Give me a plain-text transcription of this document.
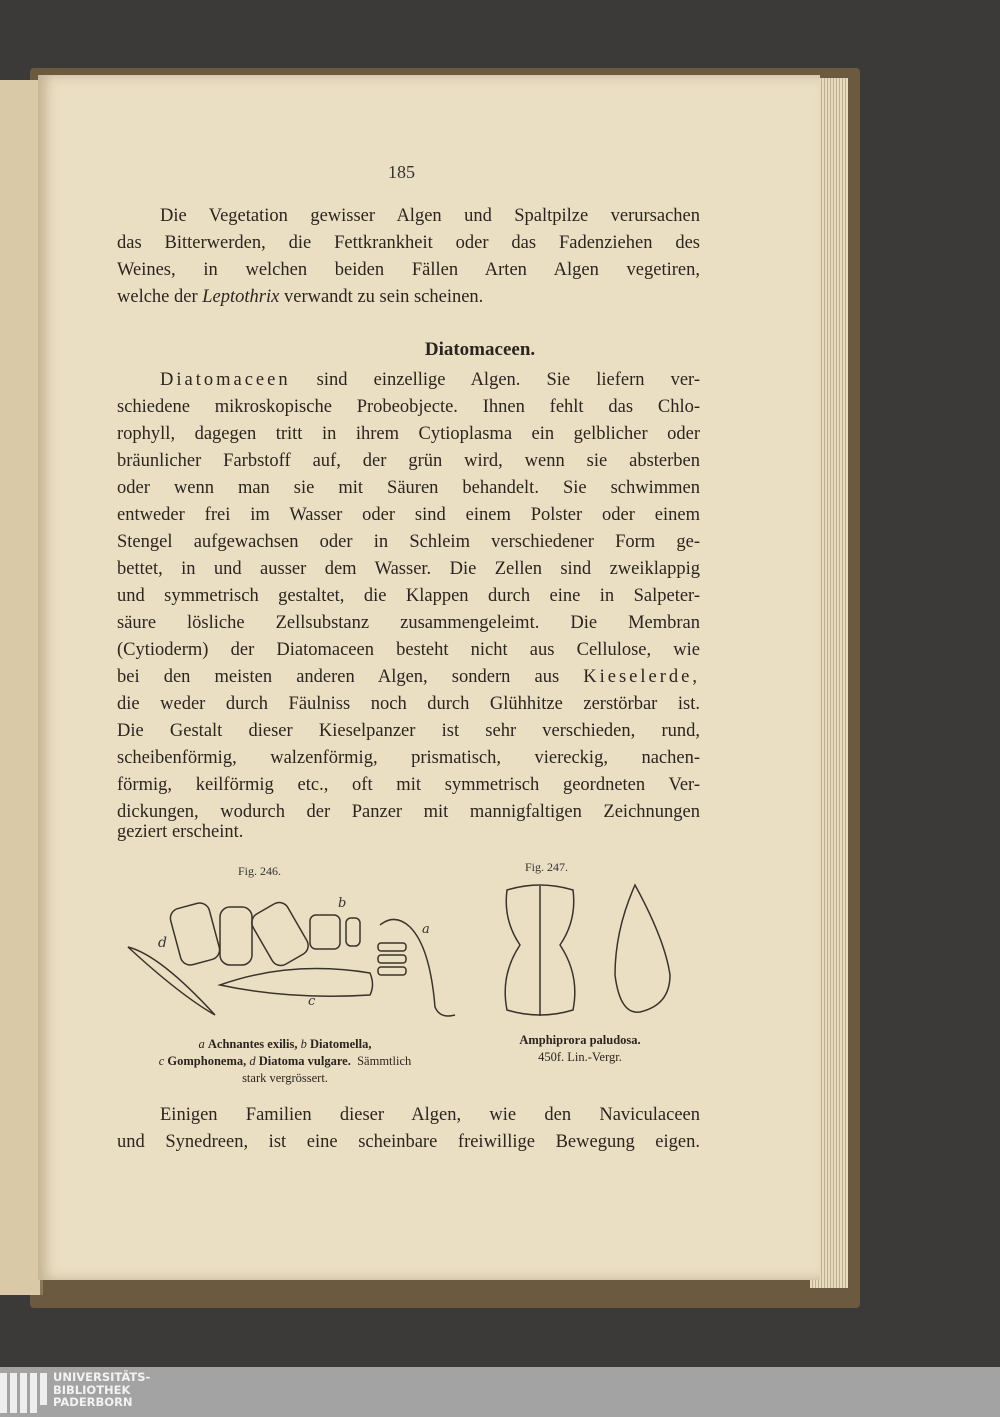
185
Die Vegetation gewisser Algen und Spaltpilze verursachen
das Bitterwerden, die Fettkrankheit oder das Fadenziehen des
Weines, in welchen beiden Fällen Arten Algen vegetiren,
welche der Leptothrix verwandt zu sein scheinen.
Diatomaceen.
Diatomaceen sind einzellige Algen. Sie liefern ver-
schiedene mikroskopische Probeobjecte. Ihnen fehlt das Chlo-
rophyll, dagegen tritt in ihrem Cytioplasma ein gelblicher oder
bräunlicher Farbstoff auf, der grün wird, wenn sie absterben
oder wenn man sie mit Säuren behandelt. Sie schwimmen
entweder frei im Wasser oder sind einem Polster oder einem
Stengel aufgewachsen oder in Schleim verschiedener Form ge-
bettet, in und ausser dem Wasser. Die Zellen sind zweiklappig
und symmetrisch gestaltet, die Klappen durch eine in Salpeter-
säure lösliche Zellsubstanz zusammengeleimt. Die Membran
(Cytioderm) der Diatomaceen besteht nicht aus Cellulose, wie
bei den meisten anderen Algen, sondern aus Kieselerde,
die weder durch Fäulniss noch durch Glühhitze zerstörbar ist.
Die Gestalt dieser Kieselpanzer ist sehr verschieden, rund,
scheibenförmig, walzenförmig, prismatisch, viereckig, nachen-
förmig, keilförmig etc., oft mit symmetrisch geordneten Ver-
dickungen, wodurch der Panzer mit mannigfaltigen Zeichnungen
geziert erscheint.
Fig. 246.	Fig. 247.
d
b
a
c
a Achnantes exilis, b Diatomella,
c Gomphonema, d Diatoma vulgare. Sämmtlich
stark vergrössert.
Amphiprora paludosa.
450f. Lin.-Vergr.
Einigen Familien dieser Algen, wie den Naviculaceen
und Synedreen, ist eine scheinbare freiwillige Bewegung eigen.
UNIVERSITÄTS-
BIBLIOTHEK
PADERBORN
